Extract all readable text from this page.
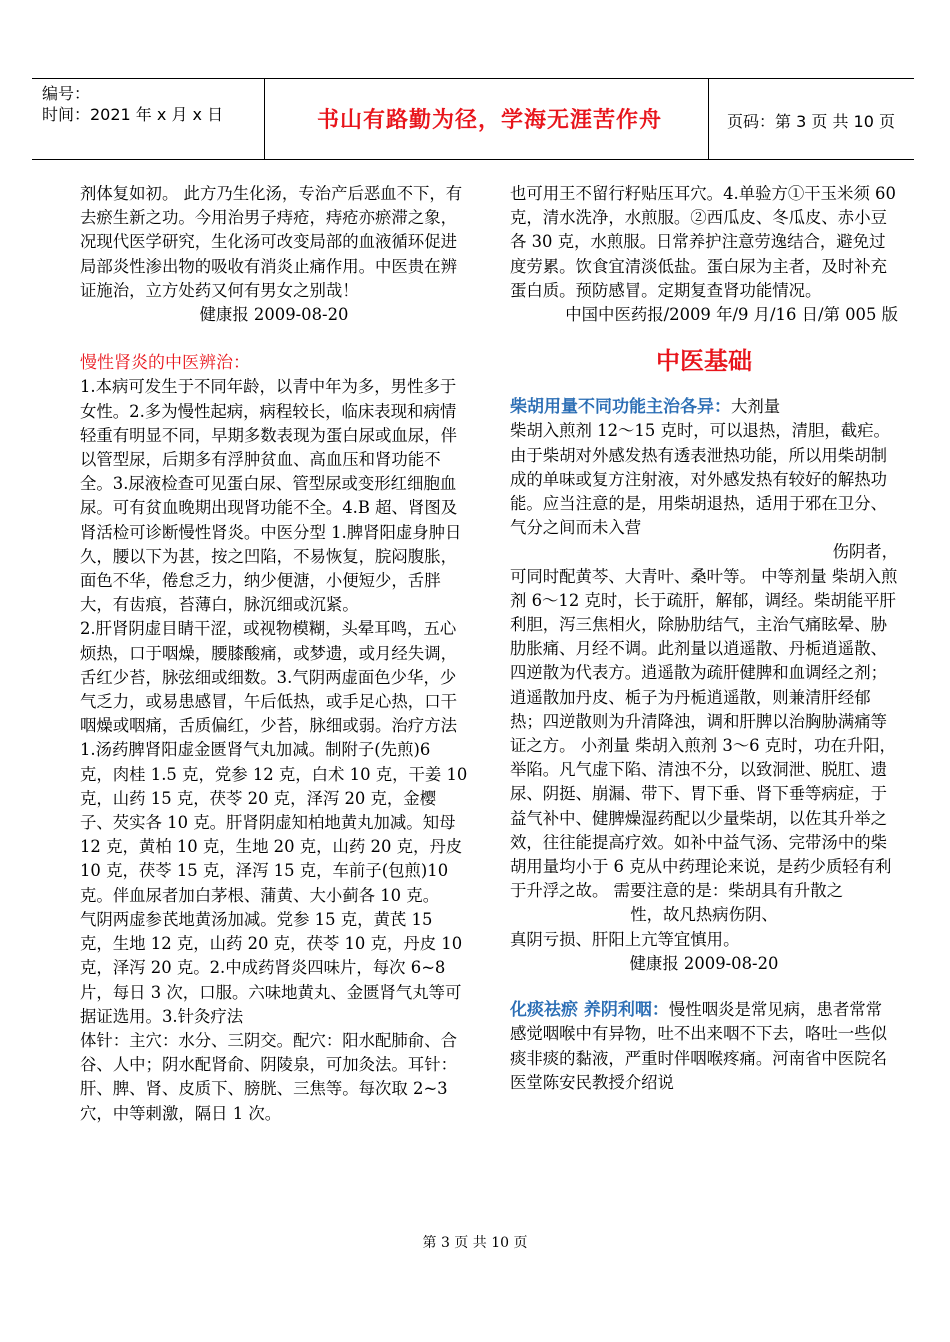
编号：
时间：2021 年 x 月 x 日	书山有路勤为径，学海无涯苦作舟	页码：第 3 页 共 10 页

剂体复如初。 此方乃生化汤，专治产后恶血不下，有去瘀生新之功。今用治男子痔疮，痔疮亦瘀滞之象，况现代医学研究，生化汤可改变局部的血液循环促进局部炎性渗出物的吸收有消炎止痛作用。中医贵在辨证施治，立方处药又何有男女之别哉！

健康报 2009-08-20

慢性肾炎的中医辨治：

1.本病可发生于不同年龄，以青中年为多，男性多于女性。2.多为慢性起病，病程较长，临床表现和病情轻重有明显不同，早期多数表现为蛋白尿或血尿，伴以管型尿，后期多有浮肿贫血、高血压和肾功能不全。3.尿液检查可见蛋白尿、管型尿或变形红细胞血尿。可有贫血晚期出现肾功能不全。4.B 超、肾图及肾活检可诊断慢性肾炎。中医分型 1.脾肾阳虚身肿日久，腰以下为甚，按之凹陷，不易恢复，脘闷腹胀，面色不华，倦怠乏力，纳少便溏，小便短少，舌胖大，有齿痕，苔薄白，脉沉细或沉紧。

2.肝肾阴虚目睛干涩，或视物模糊，头晕耳鸣，五心烦热，口于咽燥，腰膝酸痛，或梦遗，或月经失调，舌红少苔，脉弦细或细数。3.气阴两虚面色少华，少气乏力，或易患感冒，午后低热，或手足心热，口干咽燥或咽痛，舌质偏红，少苔，脉细或弱。治疗方法 1.汤药脾肾阳虚金匮肾气丸加减。制附子(先煎)6 克，肉桂 1.5 克，党参 12 克，白术 10 克，干姜 10 克，山药 15 克，茯苓 20 克，泽泻 20 克，金樱子、芡实各 10 克。肝肾阴虚知柏地黄丸加减。知母 12 克，黄柏 10 克，生地 20 克，山药 20 克，丹皮 10 克，茯苓 15 克，泽泻 15 克，车前子(包煎)10 克。伴血尿者加白茅根、蒲黄、大小蓟各 10 克。

气阴两虚参芪地黄汤加减。党参 15 克，黄芪 15 克，生地 12 克，山药 20 克，茯苓 10 克，丹皮 10 克，泽泻 20 克。2.中成药肾炎四味片，每次 6~8 片，每日 3 次，口服。六味地黄丸、金匮肾气丸等可据证选用。3.针灸疗法

体针：主穴：水分、三阴交。配穴：阳水配肺俞、合谷、人中；阴水配肾俞、阴陵泉，可加灸法。耳针：肝、脾、肾、皮质下、膀胱、三焦等。每次取 2~3 穴，中等刺激，隔日 1 次。

也可用王不留行籽贴压耳穴。4.单验方①干玉米须 60 克，清水洗净，水煎服。②西瓜皮、冬瓜皮、赤小豆各 30 克，水煎服。日常养护注意劳逸结合，避免过度劳累。饮食宜清淡低盐。蛋白尿为主者，及时补充蛋白质。预防感冒。定期复查肾功能情况。

中国中医药报/2009 年/9 月/16 日/第 005 版

中医基础

柴胡用量不同功能主治各异：大剂量

柴胡入煎剂 12～15 克时，可以退热，清胆，截疟。由于柴胡对外感发热有透表泄热功能，所以用柴胡制成的单味或复方注射液，对外感发热有较好的解热功能。应当注意的是，用柴胡退热，适用于邪在卫分、气分之间而未入营

伤阴者，

可同时配黄芩、大青叶、桑叶等。 中等剂量 柴胡入煎剂 6～12 克时，长于疏肝，解郁，调经。柴胡能平肝利胆，泻三焦相火，除胁肋结气，主治气痛眩晕、胁肋胀痛、月经不调。此剂量以逍遥散、丹栀逍遥散、四逆散为代表方。逍遥散为疏肝健脾和血调经之剂；逍遥散加丹皮、栀子为丹栀逍遥散，则兼清肝经郁热；四逆散则为升清降浊，调和肝脾以治胸胁满痛等证之方。 小剂量 柴胡入煎剂 3～6 克时，功在升阳，举陷。凡气虚下陷、清浊不分，以致洞泄、脱肛、遗尿、阴挺、崩漏、带下、胃下垂、肾下垂等病症，于益气补中、健脾燥湿药配以少量柴胡，以佐其升举之效，往往能提高疗效。如补中益气汤、完带汤中的柴胡用量均小于 6 克从中药理论来说，是药少质轻有利于升浮之故。 需要注意的是：柴胡具有升散之

性，故凡热病伤阴、

真阴亏损、肝阳上亢等宜慎用。

健康报 2009-08-20

化痰祛瘀 养阴利咽：慢性咽炎是常见病，患者常常感觉咽喉中有异物，吐不出来咽不下去，咯吐一些似痰非痰的黏液，严重时伴咽喉疼痛。河南省中医院名医堂陈安民教授介绍说

第 3 页 共 10 页
